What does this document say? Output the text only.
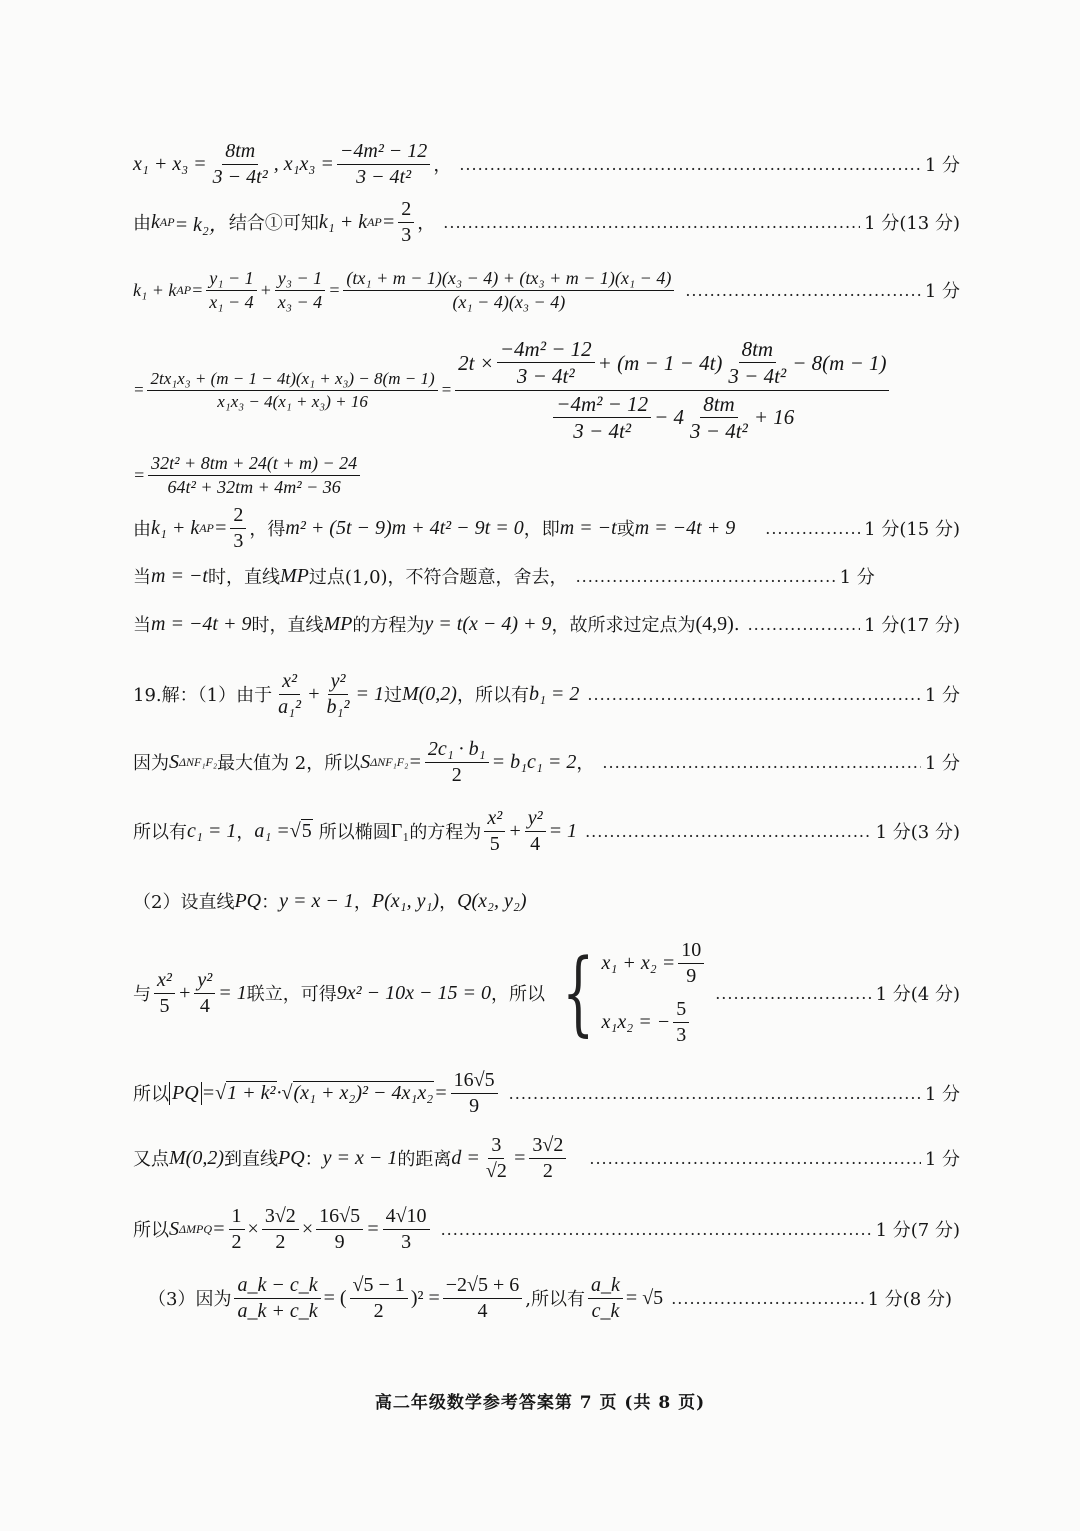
$x_1 + x_3 = \frac{8tm}{\text{3 − 4t²}}$ , $x_1x_3 = \frac{\text{−4m² − 12}}{\text{3 − 4t²}}$ ， .....	1 分
由 k AP = k₂， 结合①可知 k₁ + k AP = $\frac{2}{3}$ ， .....	1 分(13 分)
k₁ + k AP = $\frac{\text{y₁ − 1}}{\text{x₁ − 4}} + \frac{\text{y₃ − 1}}{\text{x₃ − 4}} = \frac{\text{(tx₁ + m − 1)(x₃ − 4) + (tx₃ + m − 1)(x₁ − 4)}}{\text{(x₁ − 4)(x₃ − 4)}}$ .....	1 分
= $\frac{\text{2tx₁x₃ + (m − 1 − 4t)(x₁ + x₃) − 8(m − 1)}}{\text{x₁x₃ − 4(x₁ + x₃) + 16}}$ =
$2t \times \frac{\text{−4m² − 12}}{\text{3 − 4t²}} + (m - 1 - 4t) \frac{8tm}{\text{3 − 4t²}} - 8(m - 1)$
$\frac{\text{−4m² − 12}}{\text{3 − 4t²}} - 4 \frac{8tm}{\text{3 − 4t²}} + 16$
= $\frac{\text{32t² + 8tm + 24(t + m) − 24}}{\text{64t² + 32tm + 4m² − 36}}$
由 k₁ + k AP = $\frac{2}{3}$ ，得 m² + (5t − 9)m + 4t² − 9t = 0 ，即 m = −t 或 m = −4t + 9 .....	1 分(15 分)
当 m = −t 时，直线 MP 过点(1,0)，不符合题意，舍去， .....	1 分
当 m = −4t + 9 时，直线 MP 的方程为 y = t(x − 4) + 9 ，故所求过定点为 (4,9) . .....	1 分(17 分)
19.解：（1）由于 $\frac{\text{x²}}{\text{a₁²}} + \frac{\text{y²}}{\text{b₁²}} = 1$ 过 M(0,2) ，所以有 b₁ = 2 .....	1 分
因为 S ΔNF₁F₂ 最大值为 2，所以 S $\Delta NF_1F_2 = \frac{\text{2c₁ · b₁}}{2} = b_1c_1 = 2$ ， .....	1 分
所以有 c₁ = 1 ， a₁ = √ 5 所以椭圆 Γ₁ 的方程为 $\frac{\text{x²}}{5} + \frac{\text{y²}}{4} = 1$ .....	1 分(3 分)
（2）设直线 PQ ： y = x − 1 ， P(x₁, y₁) ， Q(x₂, y₂)
与 $\frac{\text{x²}}{5} + \frac{\text{y²}}{4} = 1$ 联立，可得 9x² − 10x − 15 = 0 ，所以 { $x_1 + x_2 = \frac{10}{9}$
x₁x₂ = − $\frac{5}{3}$
.....
1 分(4 分)
所以 PQ = √ 1 + k² · √ $(x_1 + x_2)^2 - 4x_1x_2 = \frac{16√5}{9}$ .....	1 分
又点 M(0,2) 到直线 PQ ： y = x − 1 的距离 $d = \frac{3}{√2} = \frac{3√2}{2}$ .....	1 分
所以 S $\Delta MPQ = \frac{1}{2} \times \frac{3√2}{2} \times \frac{16√5}{9} = \frac{4√10}{3}$ .....	1 分(7 分)
（3）因为 $\frac{a\_k - c\_k}{a\_k + c\_k}$ = ( $\frac{√5 - 1}{2} )^2 = \frac{-2√5 + 6}{4}$ ,所以有 $\frac{a\_k}{c\_k} = √5$ .....	1 分(8 分)
高二年级数学参考答案第 7 页 (共 8 页)
